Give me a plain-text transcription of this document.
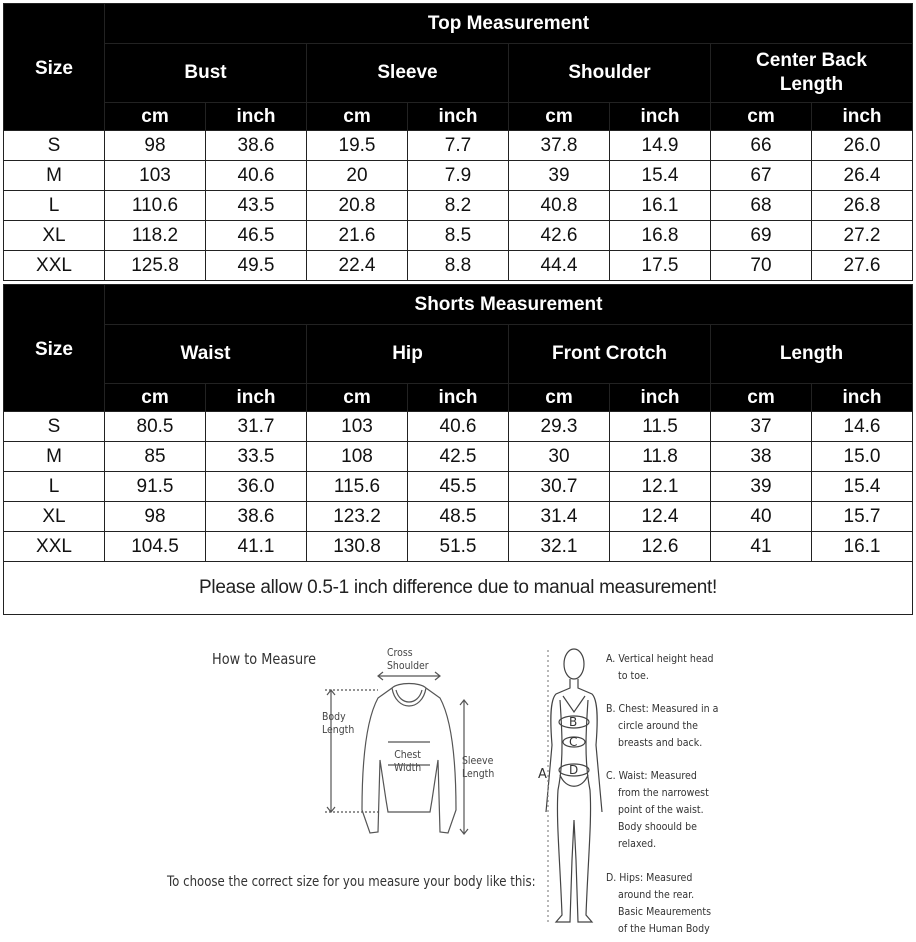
Size	Top Measurement							
	Bust		Sleeve		Shoulder		Center Back
Length	
	cm	inch	cm	inch	cm	inch	cm	inch
S	98	38.6	19.5	7.7	37.8	14.9	66	26.0
M	103	40.6	20	7.9	39	15.4	67	26.4
L	110.6	43.5	20.8	8.2	40.8	16.1	68	26.8
XL	118.2	46.5	21.6	8.5	42.6	16.8	69	27.2
XXL	125.8	49.5	22.4	8.8	44.4	17.5	70	27.6
Size	Shorts Measurement							
	Waist		Hip		Front Crotch		Length	
	cm	inch	cm	inch	cm	inch	cm	inch
S	80.5	31.7	103	40.6	29.3	11.5	37	14.6
M	85	33.5	108	42.5	30	11.8	38	15.0
L	91.5	36.0	115.6	45.5	30.7	12.1	39	15.4
XL	98	38.6	123.2	48.5	31.4	12.4	40	15.7
XXL	104.5	41.1	130.8	51.5	32.1	12.6	41	16.1
Please allow 0.5-1 inch difference due to manual measurement!								
How to Measure	Cross
Shoulder
Body
Length
Chest
Width
Sleeve
Length
To choose the correct size for you measure your body like this:
A
B
C
D
A. Vertical height head
to toe.
B. Chest: Measured in a
circle around the
breasts and back.
C. Waist: Measured
from the narrowest
point of the waist.
Body shoould be
relaxed.
D. Hips: Measured
around the rear.
Basic Meaurements
of the Human Body
